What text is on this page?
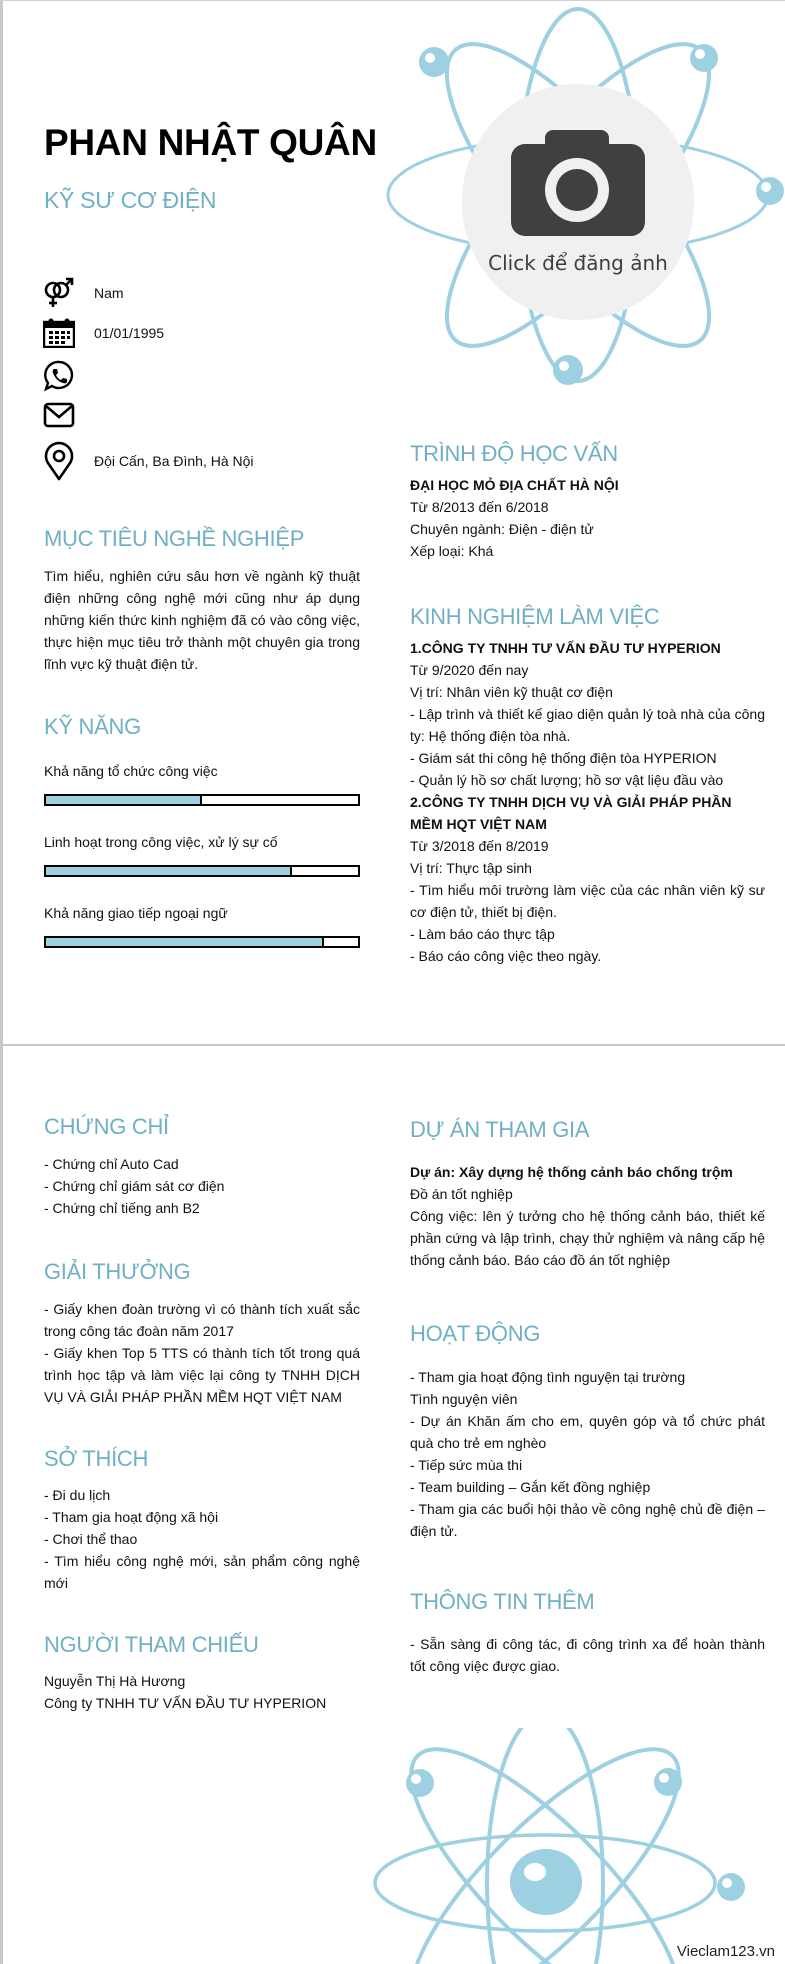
Click để đăng ảnh
PHAN NHẬT QUÂN
KỸ SƯ CƠ ĐIỆN
Nam
01/01/1995
Đội Cấn, Ba Đình, Hà Nội
MỤC TIÊU NGHỀ NGHIỆP
Tìm hiểu, nghiên cứu sâu hơn về ngành kỹ thuật điện những công nghệ mới cũng như áp dụng những kiến thức kinh nghiệm đã có vào công việc, thực hiện mục tiêu trở thành một chuyên gia trong lĩnh vực kỹ thuật điện tử.
KỸ NĂNG
Khả năng tổ chức công việc
Linh hoạt trong công việc, xử lý sự cố
Khả năng giao tiếp ngoại ngữ
TRÌNH ĐỘ HỌC VẤN
ĐẠI HỌC MỎ ĐỊA CHẤT HÀ NỘI
Từ 8/2013 đến 6/2018
Chuyên ngành: Điện - điện tử
Xếp loại: Khá
KINH NGHIỆM LÀM VIỆC
1.CÔNG TY TNHH TƯ VẤN ĐẦU TƯ HYPERION
Từ 9/2020 đến nay
Vị trí: Nhân viên kỹ thuật cơ điện
- Lập trình và thiết kế giao diện quản lý toà nhà của công ty: Hệ thống điện tòa nhà.
- Giám sát thi công hệ thống điện tòa HYPERION
- Quản lý hồ sơ chất lượng; hồ sơ vật liệu đầu vào
2.CÔNG TY TNHH DỊCH VỤ VÀ GIẢI PHÁP PHẦN MỀM HQT VIỆT NAM
Từ 3/2018 đến 8/2019
Vị trí: Thực tập sinh
- Tìm hiểu môi trường làm việc của các nhân viên kỹ sư cơ điện tử, thiết bị điện.
- Làm báo cáo thực tập
- Báo cáo công việc theo ngày.
CHỨNG CHỈ
- Chứng chỉ Auto Cad
- Chứng chỉ giám sát cơ điện
- Chứng chỉ tiếng anh B2
GIẢI THƯỞNG
- Giấy khen đoàn trường vì có thành tích xuất sắc trong công tác đoàn năm 2017
- Giấy khen Top 5 TTS có thành tích tốt trong quá trình học tập và làm việc lại công ty TNHH DỊCH VỤ VÀ GIẢI PHÁP PHẦN MỀM HQT VIỆT NAM
SỞ THÍCH
- Đi du lịch
- Tham gia hoạt động xã hội
- Chơi thể thao
- Tìm hiểu công nghệ mới, sản phẩm công nghệ mới
NGƯỜI THAM CHIẾU
Nguyễn Thị Hà Hương
Công ty TNHH TƯ VẤN ĐẦU TƯ HYPERION
DỰ ÁN THAM GIA
Dự án: Xây dựng hệ thống cảnh báo chống trộm
Đồ án tốt nghiệp
Công việc: lên ý tưởng cho hệ thống cảnh báo, thiết kế phần cứng và lập trình, chạy thử nghiệm và nâng cấp hệ thống cảnh báo. Báo cáo đồ án tốt nghiệp
HOẠT ĐỘNG
- Tham gia hoạt động tình nguyện tại trường
Tình nguyện viên
- Dự án Khăn ấm cho em, quyên góp và tổ chức phát quà cho trẻ em nghèo
- Tiếp sức mùa thi
- Team building – Gắn kết đồng nghiệp
- Tham gia các buổi hội thảo về công nghệ chủ đề điện – điện tử.
THÔNG TIN THÊM
- Sẵn sàng đi công tác, đi công trình xa để hoàn thành tốt công việc được giao.
Vieclam123.vn
